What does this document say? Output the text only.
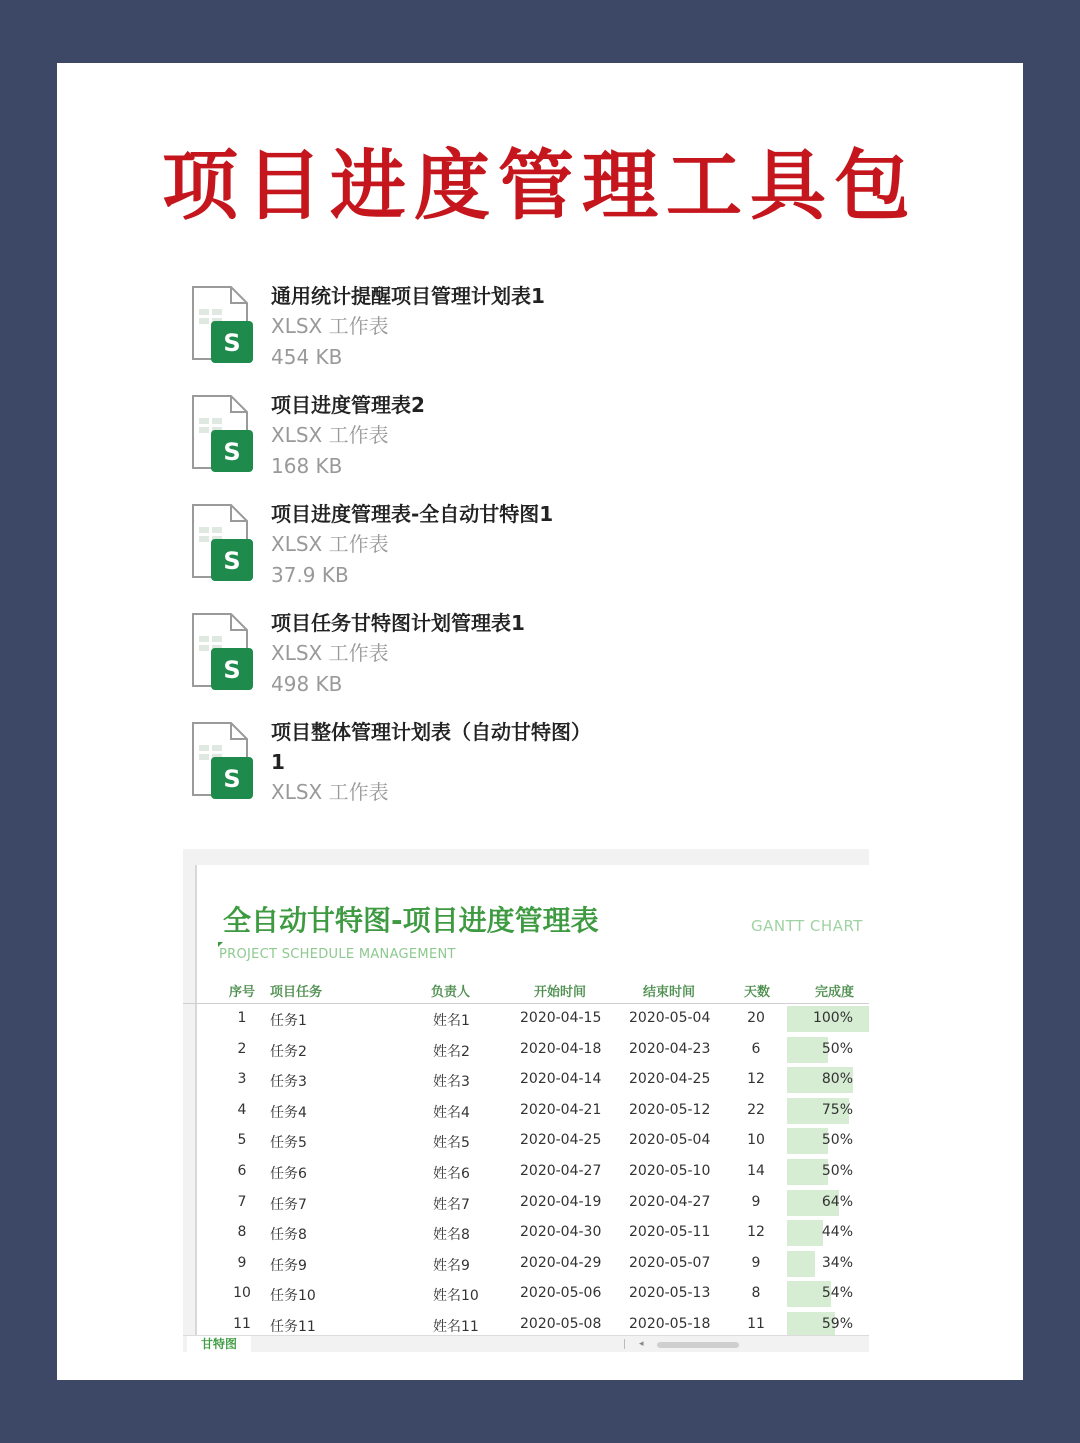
项目进度管理工具包
S
通用统计提醒项目管理计划表1
XLSX 工作表
454 KB
S
项目进度管理表2
XLSX 工作表
168 KB
S
项目进度管理表-全自动甘特图1
XLSX 工作表
37.9 KB
S
项目任务甘特图计划管理表1
XLSX 工作表
498 KB
S
项目整体管理计划表（自动甘特图）1
XLSX 工作表
全自动甘特图-项目进度管理表	GANTT CHART
PROJECT SCHEDULE MANAGEMENT
序号 项目任务	负责人	开始时间	结束时间	天数	完成度
1	任务1	姓名1	2020-04-15 2020-05-04	20	100%
2	任务2	姓名2	2020-04-18 2020-04-23	6	50%
3	任务3	姓名3	2020-04-14 2020-04-25	12	80%
4	任务4	姓名4	2020-04-21 2020-05-12	22	75%
5	任务5	姓名5	2020-04-25 2020-05-04	10	50%
6	任务6	姓名6	2020-04-27 2020-05-10	14	50%
7	任务7	姓名7	2020-04-19 2020-04-27	9	64%
8	任务8	姓名8	2020-04-30 2020-05-11	12	44%
9	任务9	姓名9	2020-04-29 2020-05-07	9	34%
10	任务10	姓名10	2020-05-06 2020-05-13	8	54%
11	任务11	姓名11	2020-05-08 2020-05-18	11	59%
甘特图	◂
